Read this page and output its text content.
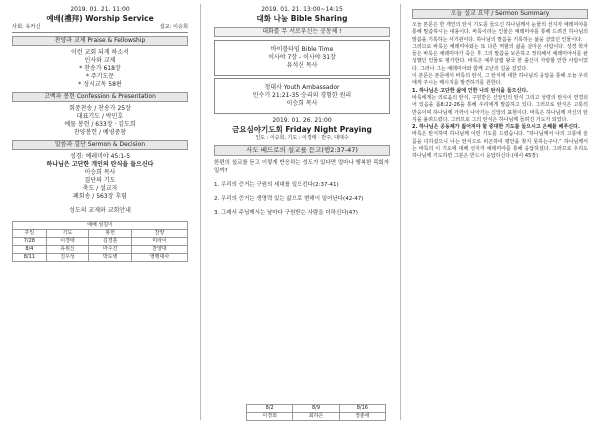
2019. 01. 21. 11:00

예배(禮拜) Worship Service

사회: 유커신	설교: 이승희
찬양과 교제 Praise & Fellowship

이런 교회 되게 하소서

인사와 교제

* 찬송가 618장

* 주기도문

* 성시교독 58편

고백과 봉헌 Confession & Presentation

회중찬송 / 찬송가 25장

대표기도 / 박민호

예물 봉헌 / 633장 · 김도희

찬양봉헌 / 예영중창

말씀과 결단 Sermon & Decision

성경: 예레미야 45:1-5

하나님은 고단한 개인의 탄식을 들으신다

이승희 목사

결단의 기도

축도 / 설교자

폐회송 / 563장 후렴

성도의 교제와 교회안내

예배 섬김이			
주일	기도	봉헌	찬양
7/28	이경태	김경훈	미라이
8/4	유위신	마수진	찬양대
8/11	진우성	박도병	영행대사

2019. 01. 21. 13:00~14:15

대화 나눔 Bible Sharing

대화를 무 서로우신는 공동체 !

바이블타임 Bible Time

이사야 7장 - 이사야 31장

유석신 목사

청대사 Youth Ambassador

민수기 21:21-35 승리의 경험한 원리

이승희 목사

2019. 01. 26. 21:00

금요심야기도회 Friday Night Praying

인도 : 이승희, 기도 : 이경태 · 반주, 대대수

사도 베드로의 설교를 듣고(행2:37-47)

한편의 설교를 듣고 이렇게 반응하는 성도가 있다면 얼마나 행복한 목회자일까?

1. 우리의 증거는 구원의 세대를 일으킨다(2:37-41)

2. 우리의 증거는 생명력 있는 삶으로 변해이 일어난다(42-47)

3. 그래서 주님께서는 날마다 구원받는 사람을 더하신다(47)

8/2	8/9	8/16
이경희	최하은	정춘애
오늘 설교 요약 / Sermon Summary

오늘 본문은 한 개인의 탄식 기도를 들으신 하나님께서 눈물의 선지자 예레미야를 통해 말씀하시는 내용이다. 바룩이라는 인물은 예레미야를 통해 드려진 하나님의 말씀을 기록하는 서기관이다. 하나님의 말씀을 기록하는 삶을 살았던 인물이다.

그러므로 바룩은 예레미야와는 또 다른 역할의 삶을 살아온 사람이다. 성경 학자들은 바룩은 예레미야가 죽은 후 그의 말씀을 보존하고 정리해서 예레미야서를 완성했던 인물로 평가한다. 바룩은 예루살렘 왕국 한 출신이 자랑할 만한 사람이었다. 그러나 그는 예레미야와 함께 고난의 길을 걸었다.

이 본문은 본문에서 바룩의 탄식, 그 탄식에 대한 하나님의 응답을 통해 오늘 우리에게 주시는 메시지를 발견하기를 원한다.

1. 하나님은 고단한 삶에 인한 나의 탄식을 들으신다.

바룩에게는 의로움의 탄식, 구원받은 신앙인의 탄식 그리고 성령의 탄식이 연결되어 있음을 롬8:22-26을 통해 우리에게 말씀하고 있다. 그러므로 탄식은 고통의 반응이며 하나님께 가까이 나아가는 신앙의 표현이다. 바룩은 하나님께 자신의 탄식을 올려드렸다. 그러므로 그의 탄식은 하나님께 들려진 기도가 되었다.

2. 하나님은 공동체가 짊어져야 할 중대한 기도를 들으시고 은혜를 베푸신다.

바룩은 탄식하며 하나님께 이런 기도를 드렸습니다. “하나님께서 나의 고통에 슬픔을 더하셨으니 나는 탄식으로 피곤하여 평안을 찾지 못하는구나.” 하나님께서는 바룩의 이 기도에 대해 선지자 예레미야를 통해 응답하셨다. 그러므로 우리도 하나님께 기도하면 그분은 반드시 응답하신다.(대사 45장)
